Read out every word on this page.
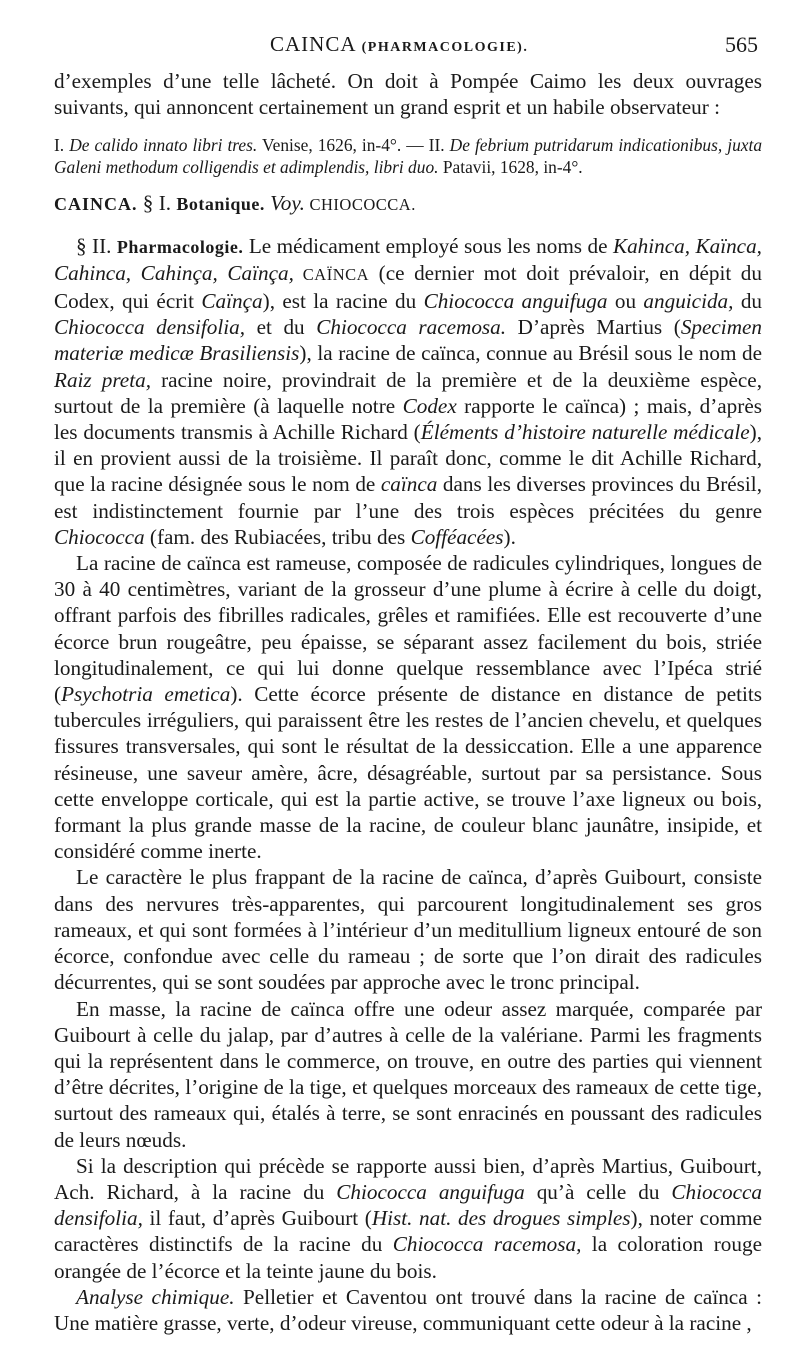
CAINCA (PHARMACOLOGIE).	565

d’exemples d’une telle lâcheté. On doit à Pompée Caimo les deux ouvrages suivants, qui annoncent certainement un grand esprit et un habile observateur :

I. De calido innato libri tres. Venise, 1626, in-4°. — II. De febrium putridarum indicationibus, juxta Galeni methodum colligendis et adimplendis, libri duo. Patavii, 1628, in-4°.

CAINCA. § I. Botanique. Voy. CHIOCOCCA.

§ II. Pharmacologie. Le médicament employé sous les noms de Kahinca, Kaïnca, Cahinca, Cahinça, Caïnça, CAÏNCA (ce dernier mot doit prévaloir, en dépit du Codex, qui écrit Caïnça), est la racine du Chiococca anguifuga ou anguicida, du Chiococca densifolia, et du Chiococca racemosa. D’après Martius (Specimen materiæ medicæ Brasiliensis), la racine de caïnca, connue au Brésil sous le nom de Raiz preta, racine noire, provindrait de la première et de la deuxième espèce, surtout de la première (à laquelle notre Codex rapporte le caïnca) ; mais, d’après les documents transmis à Achille Richard (Éléments d’histoire naturelle médicale), il en provient aussi de la troisième. Il paraît donc, comme le dit Achille Richard, que la racine désignée sous le nom de caïnca dans les diverses provinces du Brésil, est indistinctement fournie par l’une des trois espèces précitées du genre Chiococca (fam. des Rubiacées, tribu des Cofféacées).

La racine de caïnca est rameuse, composée de radicules cylindriques, longues de 30 à 40 centimètres, variant de la grosseur d’une plume à écrire à celle du doigt, offrant parfois des fibrilles radicales, grêles et ramifiées. Elle est recouverte d’une écorce brun rougeâtre, peu épaisse, se séparant assez facilement du bois, striée longitudinalement, ce qui lui donne quelque ressemblance avec l’Ipéca strié (Psychotria emetica). Cette écorce présente de distance en distance de petits tubercules irréguliers, qui paraissent être les restes de l’ancien chevelu, et quelques fissures transversales, qui sont le résultat de la dessiccation. Elle a une apparence résineuse, une saveur amère, âcre, désagréable, surtout par sa persistance. Sous cette enveloppe corticale, qui est la partie active, se trouve l’axe ligneux ou bois, formant la plus grande masse de la racine, de couleur blanc jaunâtre, insipide, et considéré comme inerte.

Le caractère le plus frappant de la racine de caïnca, d’après Guibourt, consiste dans des nervures très-apparentes, qui parcourent longitudinalement ses gros rameaux, et qui sont formées à l’intérieur d’un meditullium ligneux entouré de son écorce, confondue avec celle du rameau ; de sorte que l’on dirait des radicules décurrentes, qui se sont soudées par approche avec le tronc principal.

En masse, la racine de caïnca offre une odeur assez marquée, comparée par Guibourt à celle du jalap, par d’autres à celle de la valériane. Parmi les fragments qui la représentent dans le commerce, on trouve, en outre des parties qui viennent d’être décrites, l’origine de la tige, et quelques morceaux des rameaux de cette tige, surtout des rameaux qui, étalés à terre, se sont enracinés en poussant des radicules de leurs nœuds.

Si la description qui précède se rapporte aussi bien, d’après Martius, Guibourt, Ach. Richard, à la racine du Chiococca anguifuga qu’à celle du Chiococca densifolia, il faut, d’après Guibourt (Hist. nat. des drogues simples), noter comme caractères distinctifs de la racine du Chiococca racemosa, la coloration rouge orangée de l’écorce et la teinte jaune du bois.

Analyse chimique. Pelletier et Caventou ont trouvé dans la racine de caïnca : Une matière grasse, verte, d’odeur vireuse, communiquant cette odeur à la racine ,
